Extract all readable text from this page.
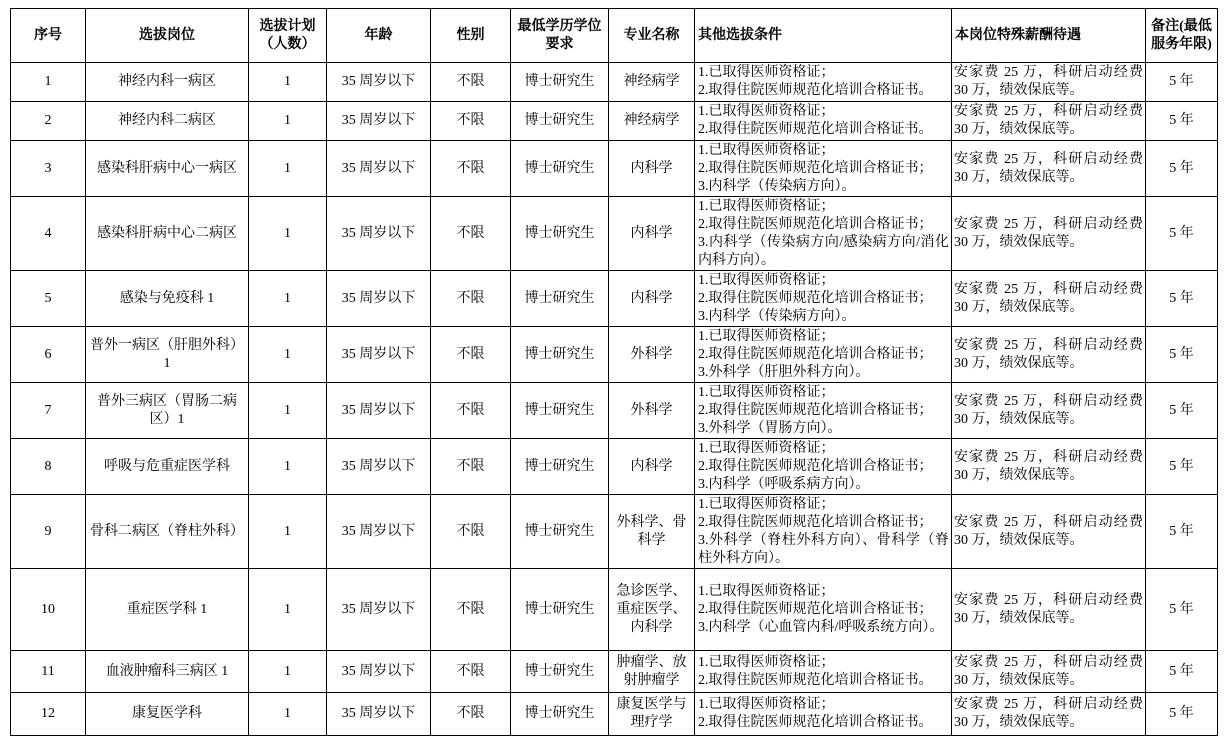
序号	选拔岗位	选拔计划（人数）	年龄	性别	最低学历学位要求	专业名称	其他选拔条件	本岗位特殊薪酬待遇	备注(最低服务年限)
1	神经内科一病区	1	35 周岁以下	不限	博士研究生	神经病学	1.已取得医师资格证；
2.取得住院医师规范化培训合格证书。	安家费 25 万，科研启动经费 30 万，绩效保底等。	5 年
2	神经内科二病区	1	35 周岁以下	不限	博士研究生	神经病学	1.已取得医师资格证；
2.取得住院医师规范化培训合格证书。	安家费 25 万，科研启动经费 30 万，绩效保底等。	5 年
3	感染科肝病中心一病区	1	35 周岁以下	不限	博士研究生	内科学	1.已取得医师资格证；
2.取得住院医师规范化培训合格证书；
3.内科学（传染病方向）。	安家费 25 万，科研启动经费 30 万，绩效保底等。	5 年
4	感染科肝病中心二病区	1	35 周岁以下	不限	博士研究生	内科学	1.已取得医师资格证；
2.取得住院医师规范化培训合格证书；
3.内科学（传染病方向/感染病方向/消化内科方向）。	安家费 25 万，科研启动经费 30 万，绩效保底等。	5 年
5	感染与免疫科 1	1	35 周岁以下	不限	博士研究生	内科学	1.已取得医师资格证；
2.取得住院医师规范化培训合格证书；
3.内科学（传染病方向）。	安家费 25 万，科研启动经费 30 万，绩效保底等。	5 年
6	普外一病区（肝胆外科）1	1	35 周岁以下	不限	博士研究生	外科学	1.已取得医师资格证；
2.取得住院医师规范化培训合格证书；
3.外科学（肝胆外科方向）。	安家费 25 万，科研启动经费 30 万，绩效保底等。	5 年
7	普外三病区（胃肠二病区）1	1	35 周岁以下	不限	博士研究生	外科学	1.已取得医师资格证；
2.取得住院医师规范化培训合格证书；
3.外科学（胃肠方向）。	安家费 25 万，科研启动经费 30 万，绩效保底等。	5 年
8	呼吸与危重症医学科	1	35 周岁以下	不限	博士研究生	内科学	1.已取得医师资格证；
2.取得住院医师规范化培训合格证书；
3.内科学（呼吸系病方向）。	安家费 25 万，科研启动经费 30 万，绩效保底等。	5 年
9	骨科二病区（脊柱外科）	1	35 周岁以下	不限	博士研究生	外科学、骨科学	1.已取得医师资格证；
2.取得住院医师规范化培训合格证书；
3.外科学（脊柱外科方向）、骨科学（脊柱外科方向）。	安家费 25 万，科研启动经费 30 万，绩效保底等。	5 年
10	重症医学科 1	1	35 周岁以下	不限	博士研究生	急诊医学、重症医学、内科学	1.已取得医师资格证；
2.取得住院医师规范化培训合格证书；
3.内科学（心血管内科/呼吸系统方向）。	安家费 25 万，科研启动经费 30 万，绩效保底等。	5 年
11	血液肿瘤科三病区 1	1	35 周岁以下	不限	博士研究生	肿瘤学、放射肿瘤学	1.已取得医师资格证；
2.取得住院医师规范化培训合格证书。	安家费 25 万，科研启动经费 30 万，绩效保底等。	5 年
12	康复医学科	1	35 周岁以下	不限	博士研究生	康复医学与理疗学	1.已取得医师资格证；
2.取得住院医师规范化培训合格证书。	安家费 25 万，科研启动经费 30 万，绩效保底等。	5 年
